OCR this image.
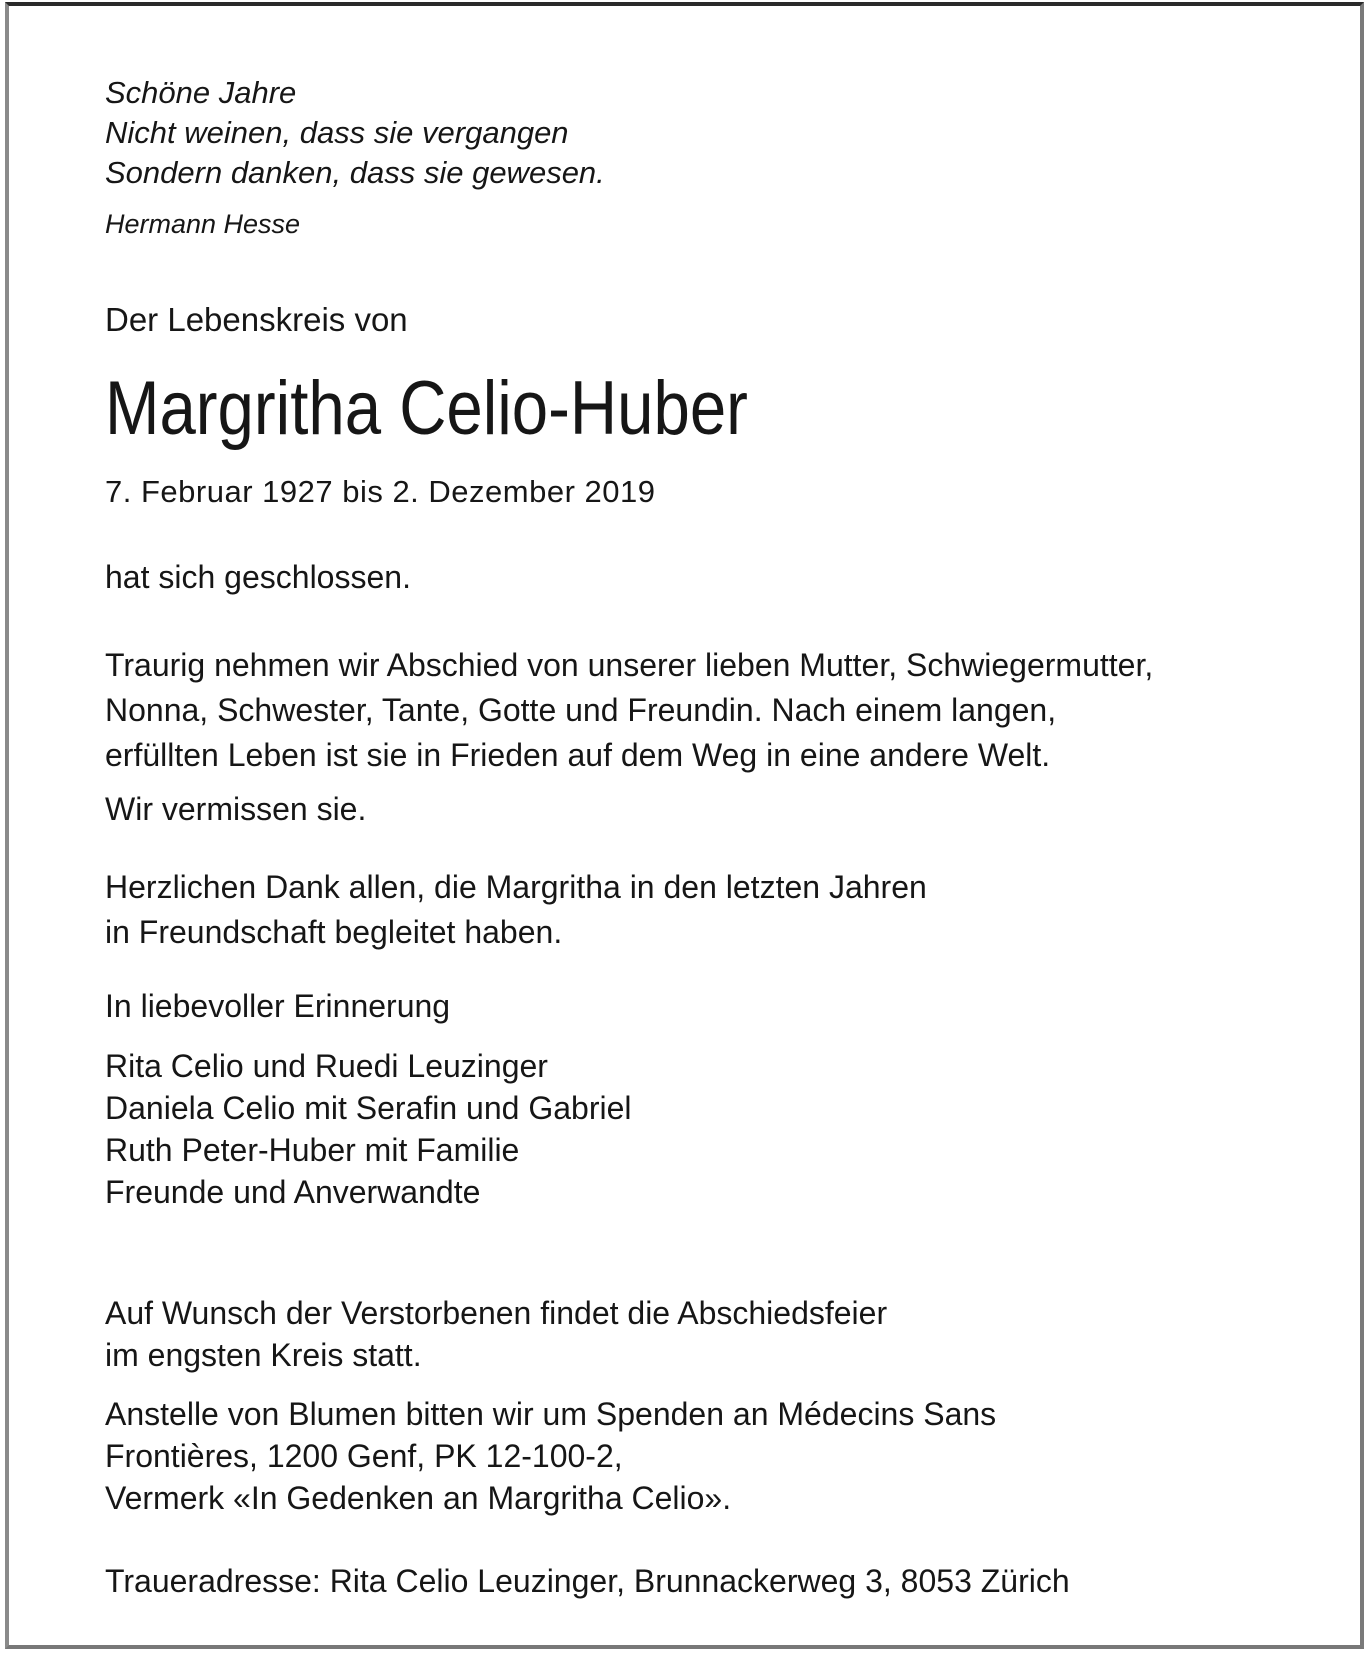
Schöne Jahre
Nicht weinen, dass sie vergangen
Sondern danken, dass sie gewesen.
Hermann Hesse
Der Lebenskreis von
Margritha Celio-Huber
7. Februar 1927 bis 2. Dezember 2019
hat sich geschlossen.
Traurig nehmen wir Abschied von unserer lieben Mutter, Schwiegermutter,
Nonna, Schwester, Tante, Gotte und Freundin. Nach einem langen,
erfüllten Leben ist sie in Frieden auf dem Weg in eine andere Welt.
Wir vermissen sie.
Herzlichen Dank allen, die Margritha in den letzten Jahren
in Freundschaft begleitet haben.
In liebevoller Erinnerung
Rita Celio und Ruedi Leuzinger
Daniela Celio mit Serafin und Gabriel
Ruth Peter-Huber mit Familie
Freunde und Anverwandte
Auf Wunsch der Verstorbenen findet die Abschiedsfeier
im engsten Kreis statt.
Anstelle von Blumen bitten wir um Spenden an Médecins Sans
Frontières, 1200 Genf, PK 12-100-2,
Vermerk «In Gedenken an Margritha Celio».
Traueradresse: Rita Celio Leuzinger, Brunnackerweg 3, 8053 Zürich
